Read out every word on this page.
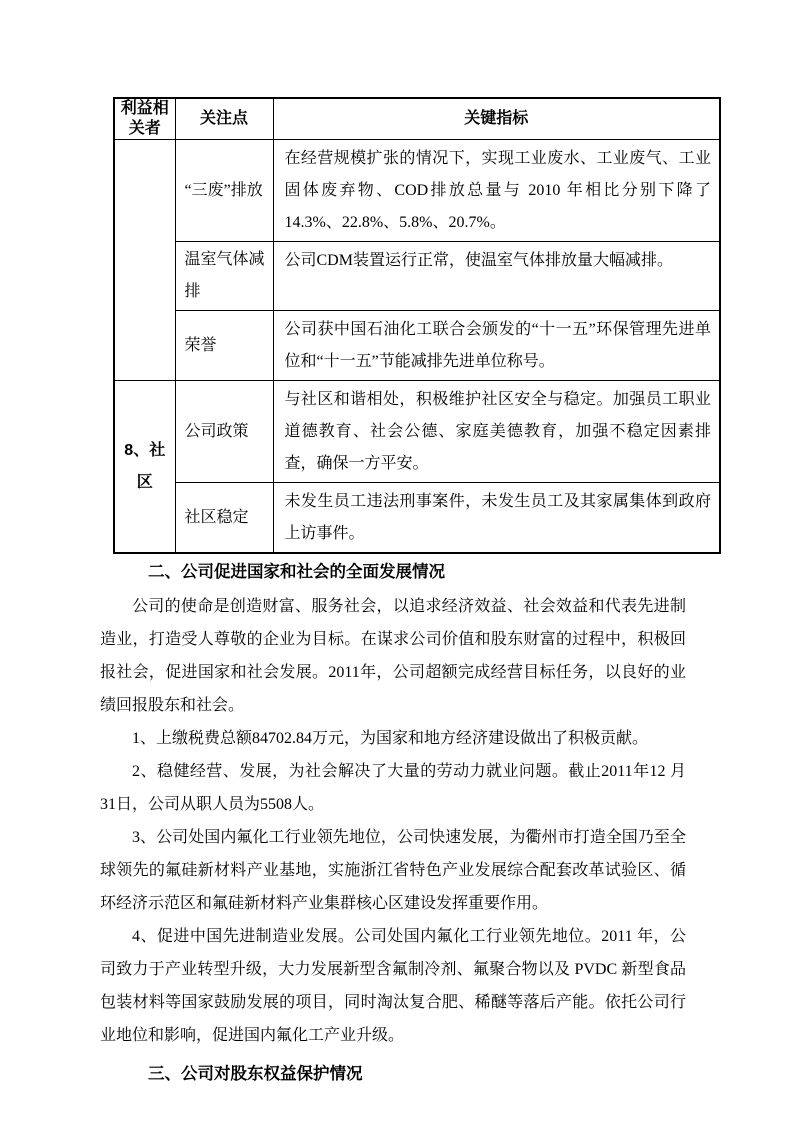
利益相关者	关注点	关键指标
	“三废”排放	在经营规模扩张的情况下，实现工业废水、工业废气、工业固体废弃物、COD排放总量与 2010 年相比分别下降了 14.3%、22.8%、5.8%、20.7%。
	温室气体减排	公司CDM装置运行正常，使温室气体排放量大幅减排。
	荣誉	公司获中国石油化工联合会颁发的“十一五”环保管理先进单位和“十一五”节能减排先进单位称号。
8、社区	公司政策	与社区和谐相处，积极维护社区安全与稳定。加强员工职业道德教育、社会公德、家庭美德教育，加强不稳定因素排查，确保一方平安。
	社区稳定	未发生员工违法刑事案件，未发生员工及其家属集体到政府上访事件。
二、公司促进国家和社会的全面发展情况

公司的使命是创造财富、服务社会，以追求经济效益、社会效益和代表先进制造业，打造受人尊敬的企业为目标。在谋求公司价值和股东财富的过程中，积极回报社会，促进国家和社会发展。2011年，公司超额完成经营目标任务，以良好的业绩回报股东和社会。

1、上缴税费总额84702.84万元，为国家和地方经济建设做出了积极贡献。

2、稳健经营、发展，为社会解决了大量的劳动力就业问题。截止2011年12 月31日，公司从职人员为5508人。

3、公司处国内氟化工行业领先地位，公司快速发展，为衢州市打造全国乃至全球领先的氟硅新材料产业基地，实施浙江省特色产业发展综合配套改革试验区、循环经济示范区和氟硅新材料产业集群核心区建设发挥重要作用。

4、促进中国先进制造业发展。公司处国内氟化工行业领先地位。2011 年，公司致力于产业转型升级，大力发展新型含氟制冷剂、氟聚合物以及 PVDC 新型食品包装材料等国家鼓励发展的项目，同时淘汰复合肥、稀醚等落后产能。依托公司行业地位和影响，促进国内氟化工产业升级。

三、公司对股东权益保护情况
